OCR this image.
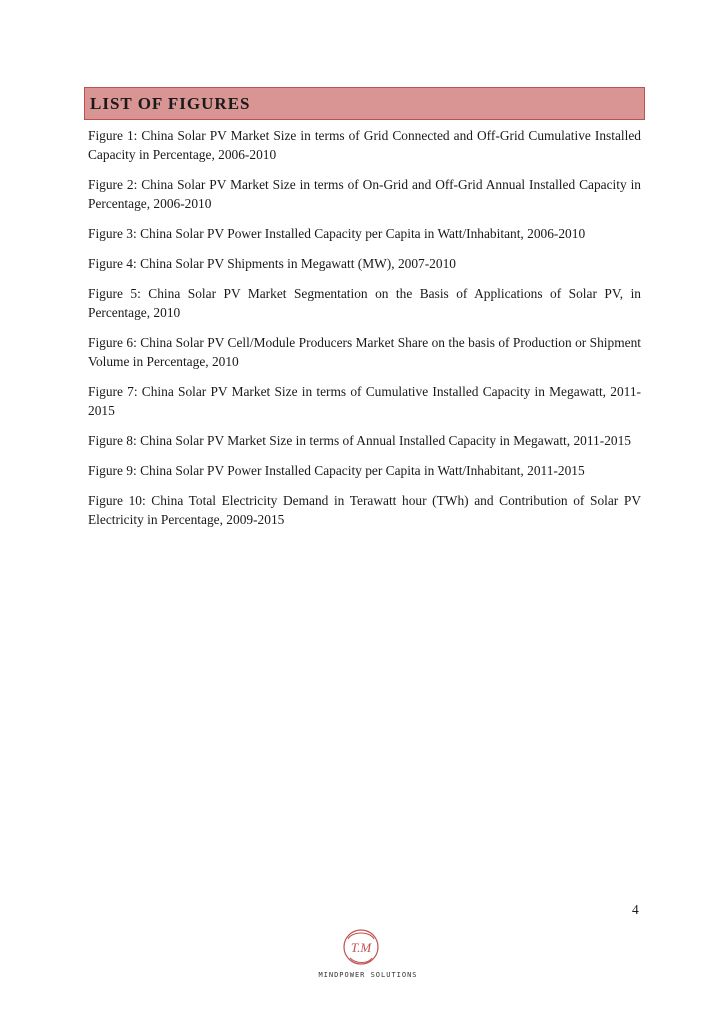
LIST OF FIGURES
Figure 1: China Solar PV Market Size in terms of Grid Connected and Off-Grid Cumulative Installed Capacity in Percentage, 2006-2010
Figure 2: China Solar PV Market Size in terms of On-Grid and Off-Grid Annual Installed Capacity in Percentage, 2006-2010
Figure 3: China Solar PV Power Installed Capacity per Capita in Watt/Inhabitant, 2006-2010
Figure 4: China Solar PV Shipments in Megawatt (MW), 2007-2010
Figure 5: China Solar PV Market Segmentation on the Basis of Applications of Solar PV, in Percentage, 2010
Figure 6: China Solar PV Cell/Module Producers Market Share on the basis of Production or Shipment Volume in Percentage, 2010
Figure 7: China Solar PV Market Size in terms of Cumulative Installed Capacity in Megawatt, 2011-2015
Figure 8: China Solar PV Market Size in terms of Annual Installed Capacity in Megawatt, 2011-2015
Figure 9: China Solar PV Power Installed Capacity per Capita in Watt/Inhabitant, 2011-2015
Figure 10: China Total Electricity Demand in Terawatt hour (TWh) and Contribution of Solar PV Electricity in Percentage, 2009-2015
4
T.M
MINDPOWER SOLUTIONS
